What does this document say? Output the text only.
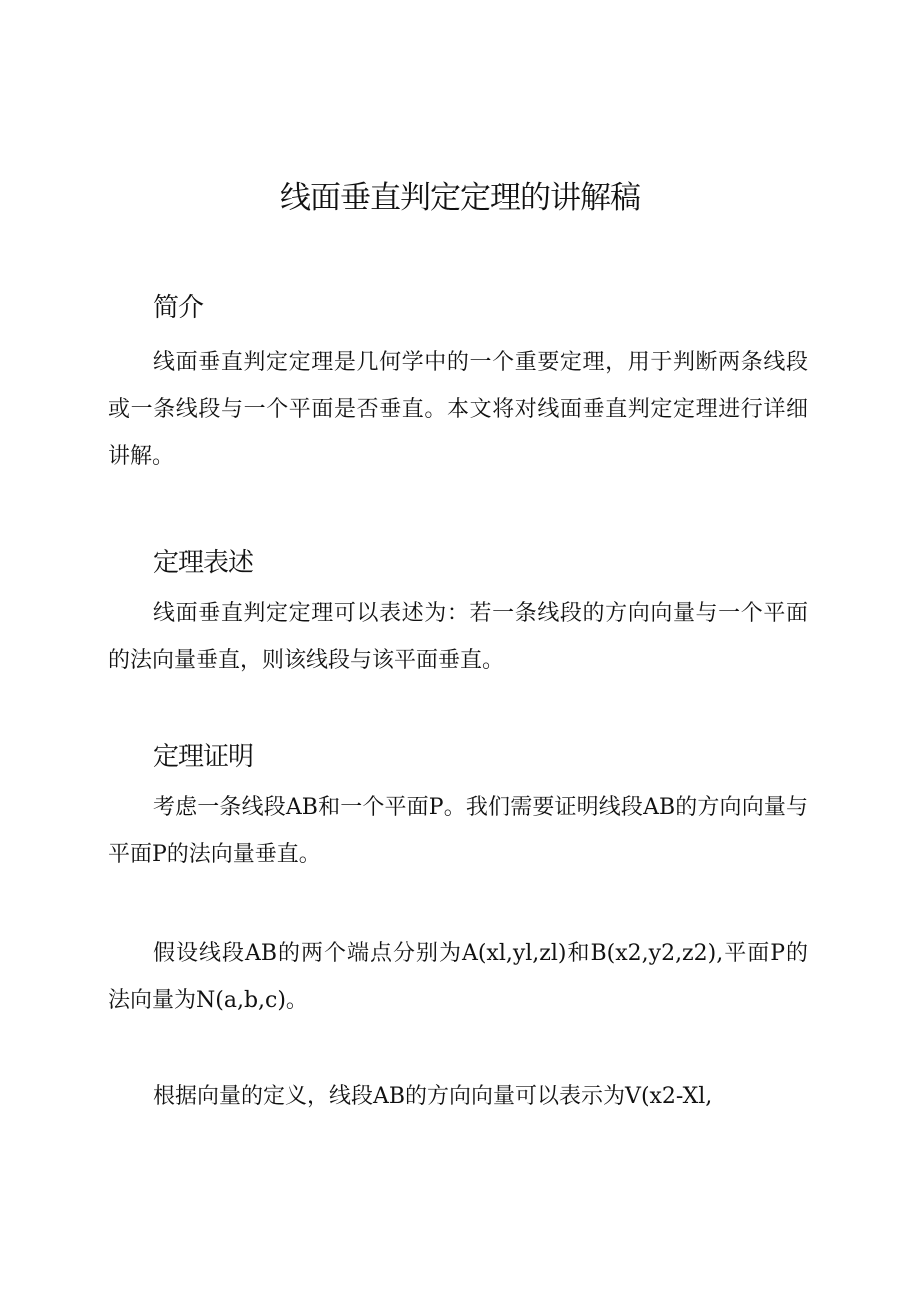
线面垂直判定定理的讲解稿
简介

线面垂直判定定理是几何学中的一个重要定理，用于判断两条线段或一条线段与一个平面是否垂直。本文将对线面垂直判定定理进行详细讲解。

定理表述

线面垂直判定定理可以表述为：若一条线段的方向向量与一个平面的法向量垂直，则该线段与该平面垂直。

定理证明

考虑一条线段AB和一个平面P。我们需要证明线段AB的方向向量与平面P的法向量垂直。

假设线段AB的两个端点分别为A(xl,yl,zl)和B(x2,y2,z2),平面P的法向量为N(a,b,c)。

根据向量的定义，线段AB的方向向量可以表示为V(x2-Xl,
